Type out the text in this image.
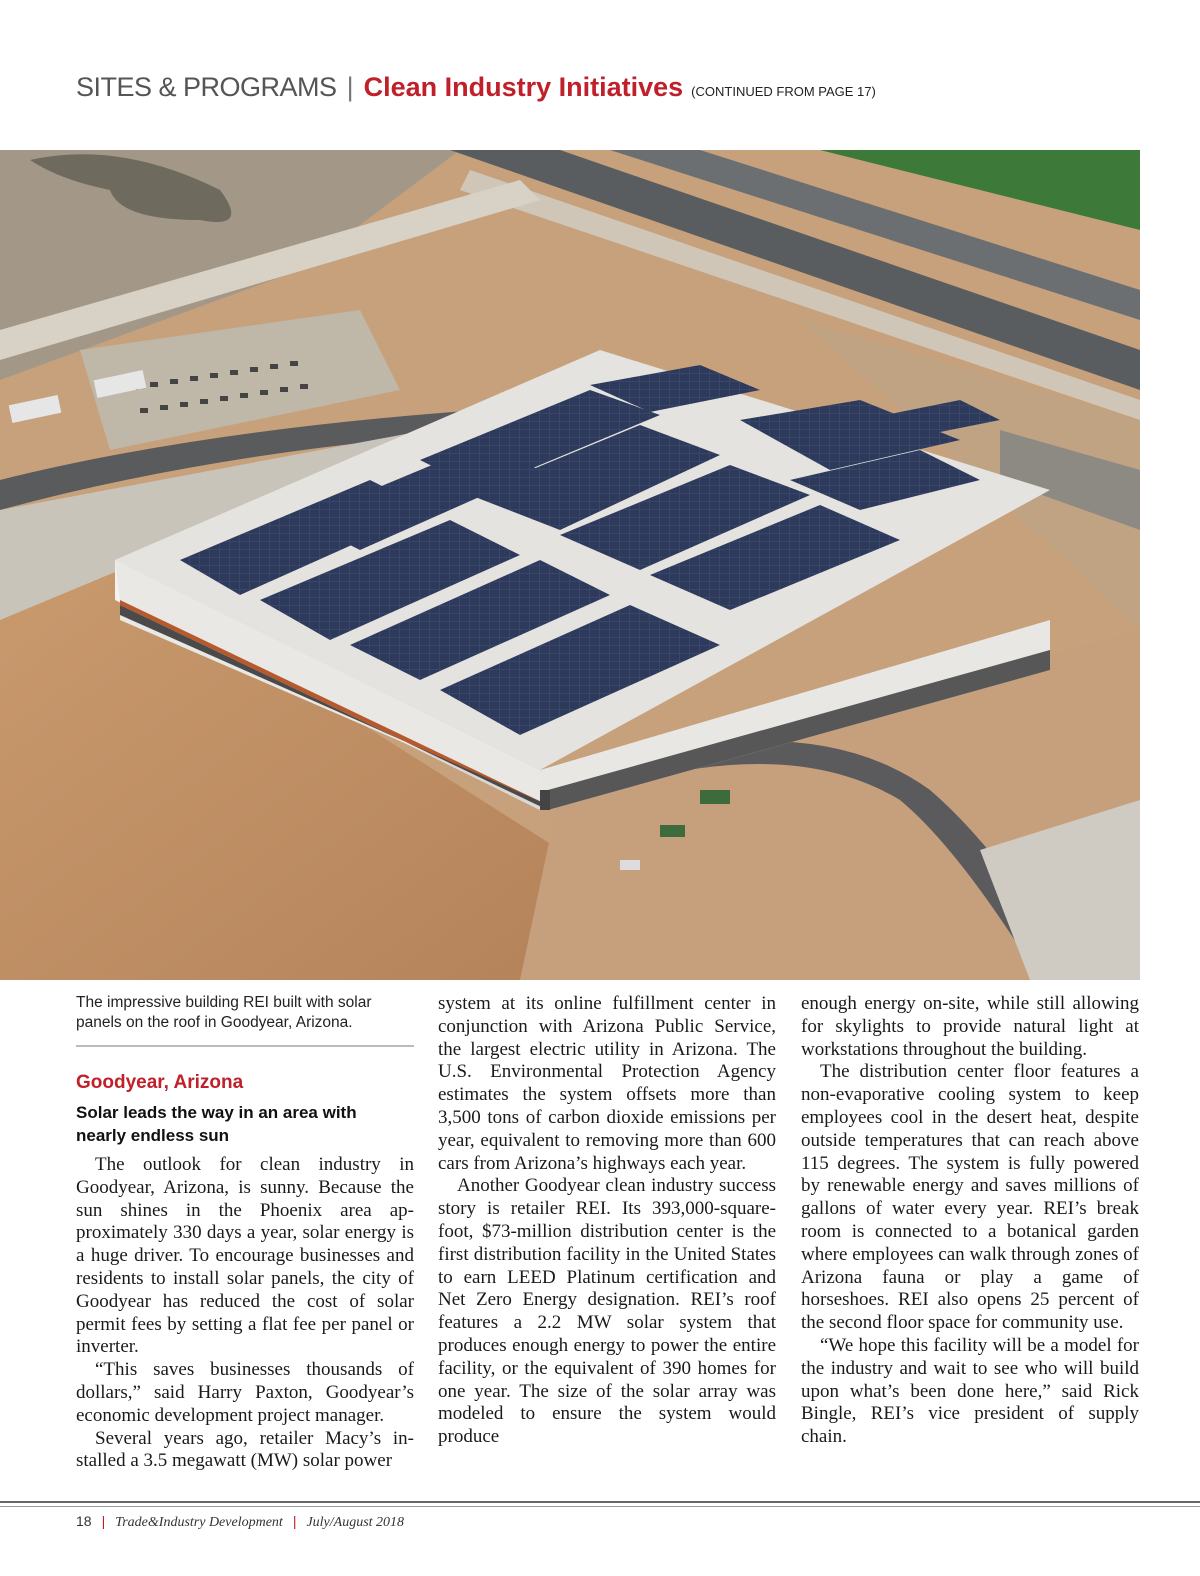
SITES & PROGRAMS | Clean Industry Initiatives (CONTINUED FROM PAGE 17)
The impressive building REI built with solar panels on the roof in Goodyear, Arizona.
Goodyear, Arizona
Solar leads the way in an area with nearly endless sun

The outlook for clean industry in Goodyear, Arizona, is sunny. Because the sun shines in the Phoenix area approximately 330 days a year, solar energy is a huge driver. To encourage businesses and residents to install solar panels, the city of Goodyear has reduced the cost of solar permit fees by setting a flat fee per panel or inverter.

“This saves businesses thousands of dollars,” said Harry Paxton, Goodyear’s economic development project manager.

Several years ago, retailer Macy’s installed a 3.5 megawatt (MW) solar power

system at its online fulfillment center in conjunction with Arizona Public Service, the largest electric utility in Arizona. The U.S. Environmental Protection Agency estimates the system offsets more than 3,500 tons of carbon dioxide emissions per year, equivalent to removing more than 600 cars from Arizona’s highways each year.

Another Goodyear clean industry success story is retailer REI. Its 393,000-square-foot, $73-million distribution center is the first distribution facility in the United States to earn LEED Platinum certification and Net Zero Energy designation. REI’s roof features a 2.2 MW solar system that produces enough energy to power the entire facility, or the equivalent of 390 homes for one year. The size of the solar array was modeled to ensure the system would produce

enough energy on-site, while still allowing for skylights to provide natural light at workstations throughout the building.

The distribution center floor features a non-evaporative cooling system to keep employees cool in the desert heat, despite outside temperatures that can reach above 115 degrees. The system is fully powered by renewable energy and saves millions of gallons of water every year. REI’s break room is connected to a botanical garden where employees can walk through zones of Arizona fauna or play a game of horseshoes. REI also opens 25 percent of the second floor space for community use.

“We hope this facility will be a model for the industry and wait to see who will build upon what’s been done here,” said Rick Bingle, REI’s vice president of supply chain.

18 | Trade&Industry Development | July/August 2018
